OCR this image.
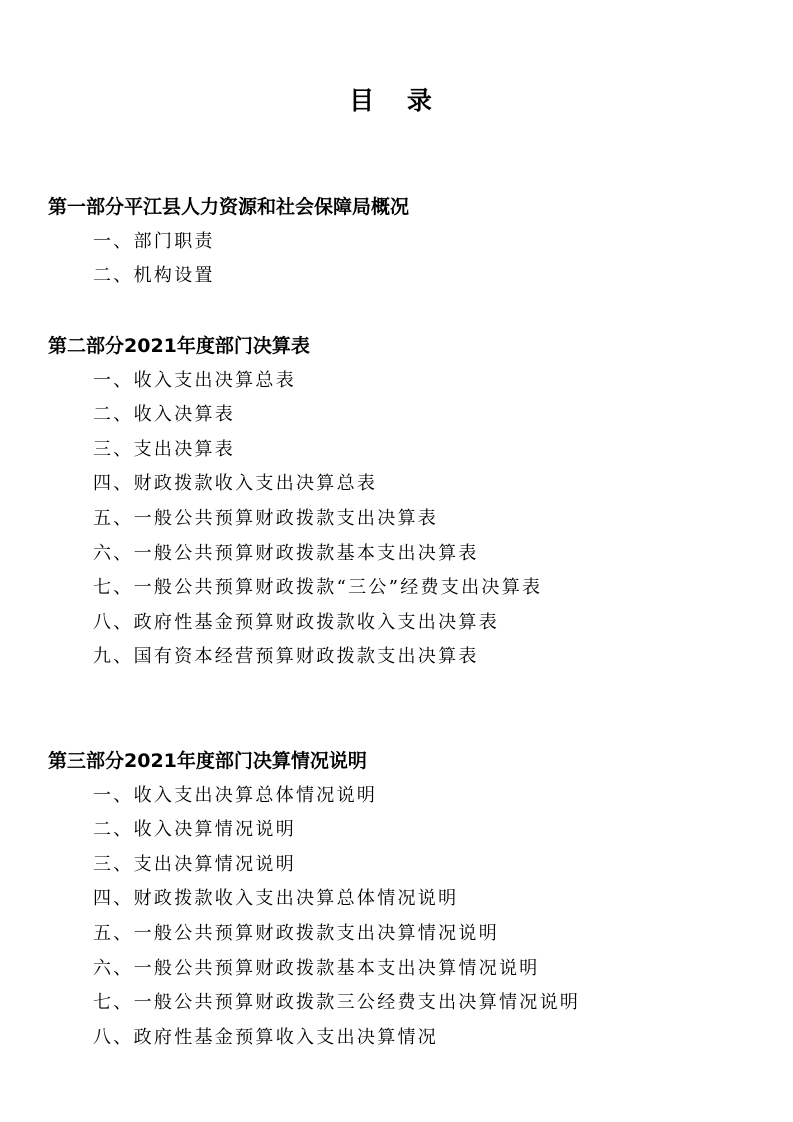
目 录
第一部分平江县人力资源和社会保障局概况
一、部门职责
二、机构设置
第二部分2021年度部门决算表
一、收入支出决算总表
二、收入决算表
三、支出决算表
四、财政拨款收入支出决算总表
五、一般公共预算财政拨款支出决算表
六、一般公共预算财政拨款基本支出决算表
七、一般公共预算财政拨款“三公”经费支出决算表
八、政府性基金预算财政拨款收入支出决算表
九、国有资本经营预算财政拨款支出决算表
第三部分2021年度部门决算情况说明
一、收入支出决算总体情况说明
二、收入决算情况说明
三、支出决算情况说明
四、财政拨款收入支出决算总体情况说明
五、一般公共预算财政拨款支出决算情况说明
六、一般公共预算财政拨款基本支出决算情况说明
七、一般公共预算财政拨款三公经费支出决算情况说明
八、政府性基金预算收入支出决算情况
